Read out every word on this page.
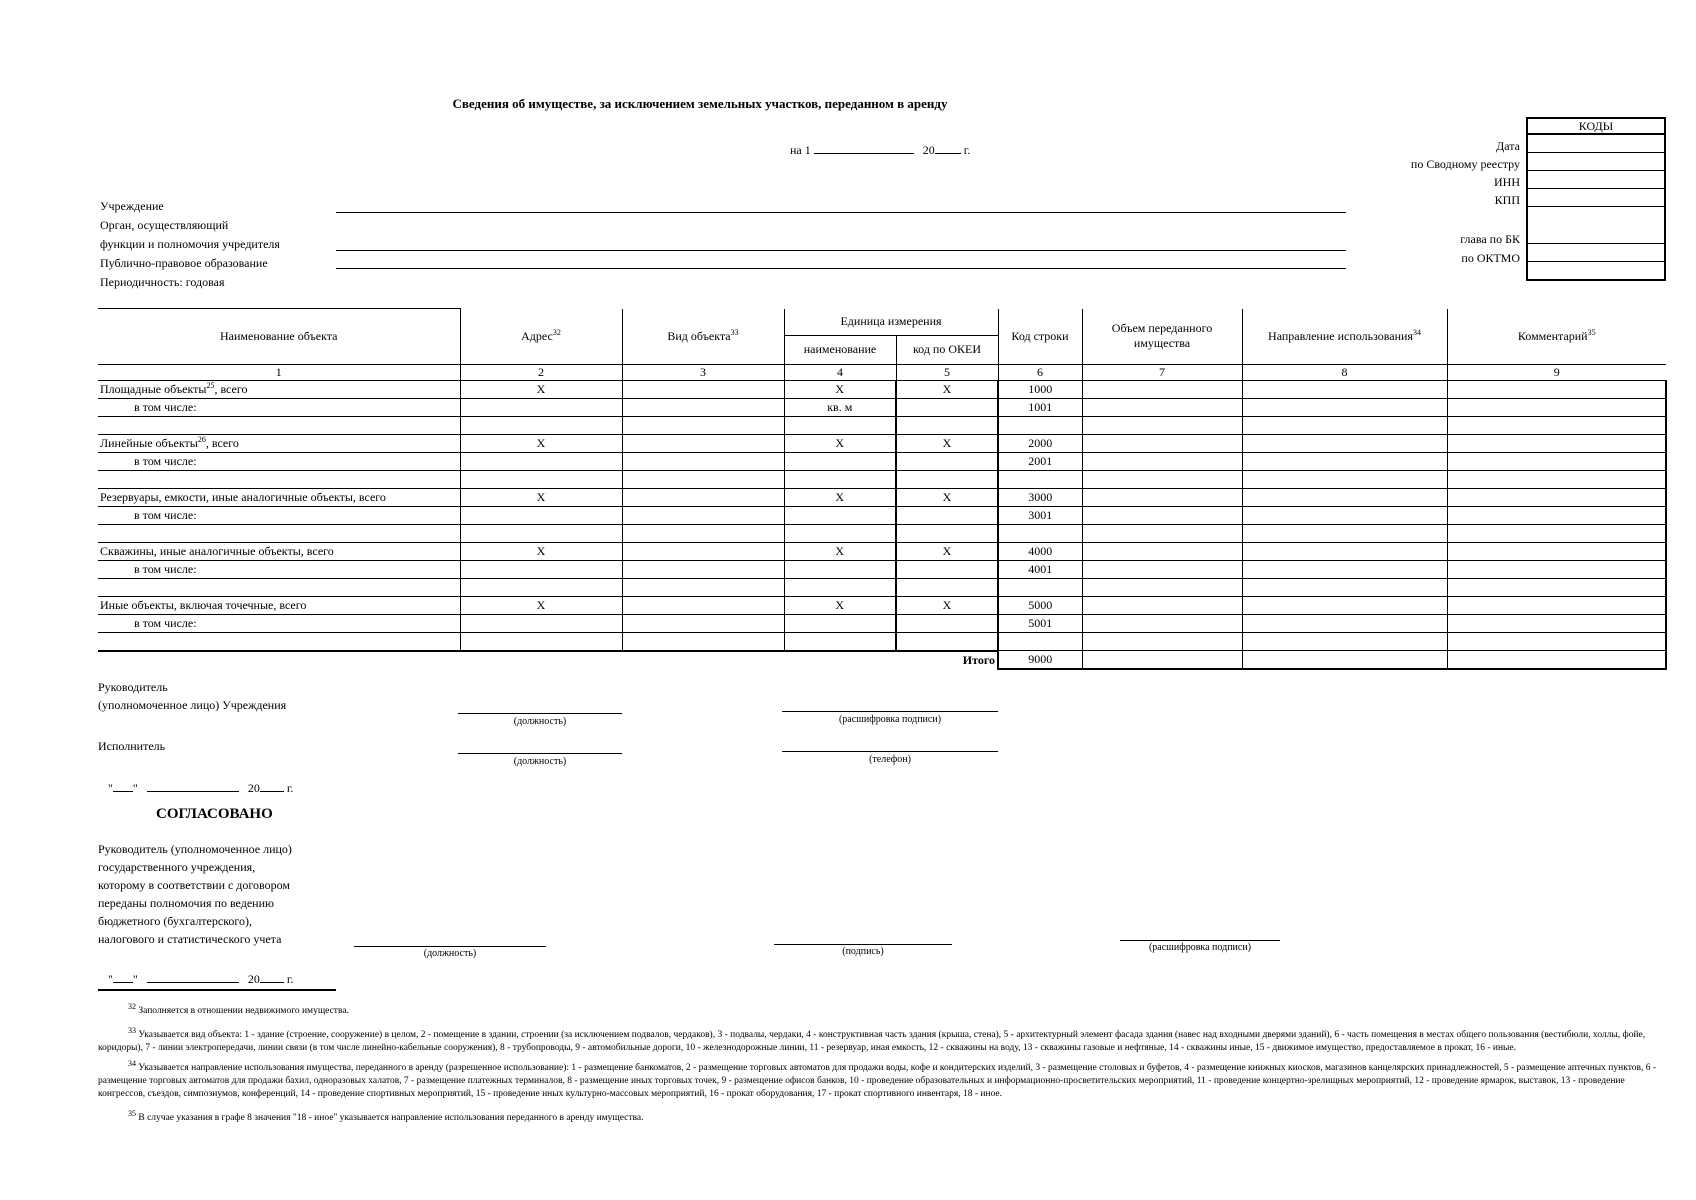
Сведения об имуществе, за исключением земельных участков, переданном в аренду
на 1	20 г.	Дата
по Сводному реестру
ИНН
КПП
глава по БК
по ОКТМО
КОДЫ
Учреждение
Орган, осуществляющий
функции и полномочия учредителя
Публично-правовое образование
Периодичность: годовая
Наименование объекта	Адрес$^{32}$	Вид объекта$^{33}$	Единица измерения		Код строки	Объем переданного имущества	Направление использования$^{34}$	Комментарий$^{35}$
			наименование	код по ОКЕИ				
1	2	3	4	5	6	7	8	9
Площадные объекты$^{25}$, всего	X		X	X	1000			
в том числе:			кв. м		1001			

Линейные объекты$^{26}$, всего	X		X	X	2000			
в том числе:					2001			

Резервуары, емкости, иные аналогичные объекты, всего	X		X	X	3000			
в том числе:					3001			

Скважины, иные аналогичные объекты, всего	X		X	X	4000			
в том числе:					4001			

Иные объекты, включая точечные, всего	X		X	X	5000			
в том числе:					5001			

Итого					9000			
Руководитель
(уполномоченное лицо) Учреждения
(должность)	(расшифровка подписи)
Исполнитель
(должность)	(телефон)
" "	20 г.
СОГЛАСОВАНО
Руководитель (уполномоченное лицо)
государственного учреждения,
которому в соответствии с договором
переданы полномочия по ведению
бюджетного (бухгалтерского),
налогового и статистического учета
(должность)	(подпись)	(расшифровка подписи)
" "	20 г.
$^{32}$ Заполняется в отношении недвижимого имущества.
$^{33}$ Указывается вид объекта: 1 - здание (строение, сооружение) в целом, 2 - помещение в здании, строении (за исключением подвалов, чердаков), 3 - подвалы, чердаки, 4 - конструктивная часть здания (крыша, стена), 5 - архитектурный элемент фасада здания (навес над входными дверями зданий), 6 - часть помещения в местах общего пользования (вестибюли, холлы, фойе, коридоры), 7 - линии электропередачи, линии связи (в том числе линейно-кабельные сооружения), 8 - трубопроводы, 9 - автомобильные дороги, 10 - железнодорожные линии, 11 - резервуар, иная емкость, 12 - скважины на воду, 13 - скважины газовые и нефтяные, 14 - скважины иные, 15 - движимое имущество, предоставляемое в прокат, 16 - иные.
$^{34}$ Указывается направление использования имущества, переданного в аренду (разрешенное использование): 1 - размещение банкоматов, 2 - размещение торговых автоматов для продажи воды, кофе и кондитерских изделий, 3 - размещение столовых и буфетов, 4 - размещение книжных киосков, магазинов канцелярских принадлежностей, 5 - размещение аптечных пунктов, 6 - размещение торговых автоматов для продажи бахил, одноразовых халатов, 7 - размещение платежных терминалов, 8 - размещение иных торговых точек, 9 - размещение офисов банков, 10 - проведение образовательных и информационно-просветительских мероприятий, 11 - проведение концертно-зрелищных мероприятий, 12 - проведение ярмарок, выставок, 13 - проведение конгрессов, съездов, симпозиумов, конференций, 14 - проведение спортивных мероприятий, 15 - проведение иных культурно-массовых мероприятий, 16 - прокат оборудования, 17 - прокат спортивного инвентаря, 18 - иное.
$^{35}$ В случае указания в графе 8 значения "18 - иное" указывается направление использования переданного в аренду имущества.
